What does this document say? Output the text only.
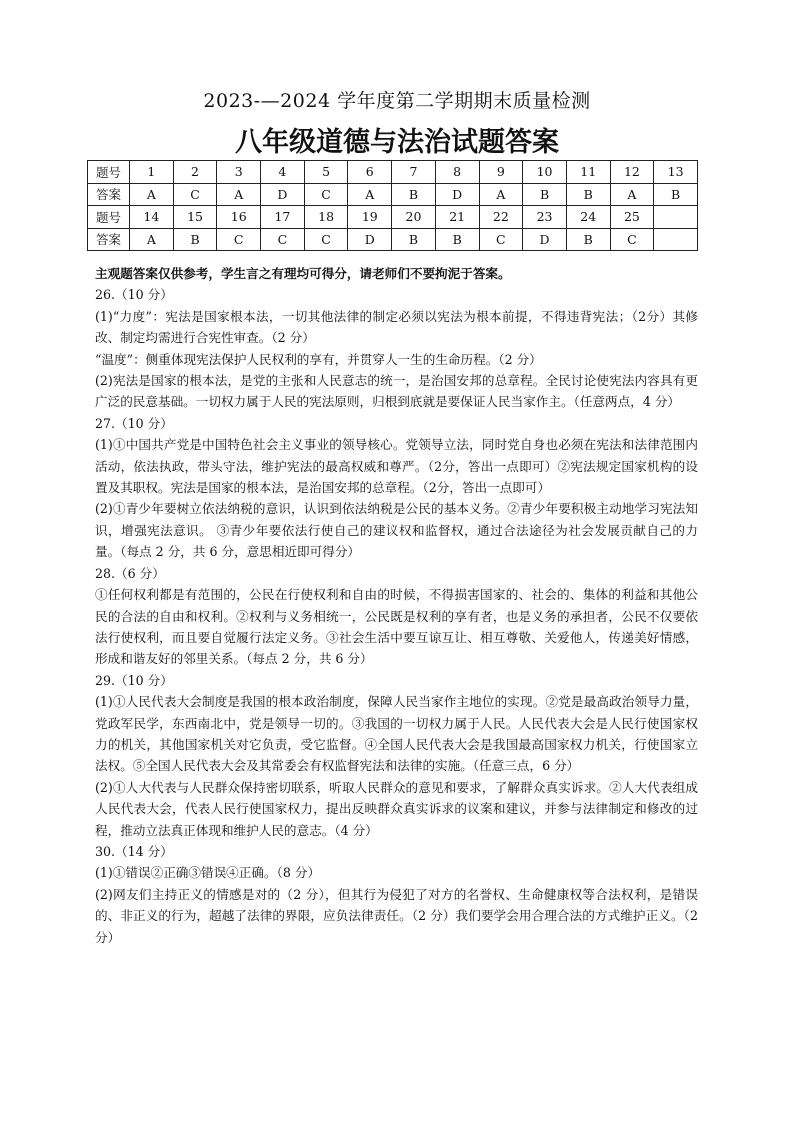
2023-—2024 学年度第二学期期末质量检测
八年级道德与法治试题答案
题号	1	2	3	4	5	6	7	8	9	10	11	12	13
答案	A	C	A	D	C	A	B	D	A	B	B	A	B
题号	14	15	16	17	18	19	20	21	22	23	24	25	
答案	A	B	C	C	C	D	B	B	C	D	B	C	

主观题答案仅供参考，学生言之有理均可得分，请老师们不要拘泥于答案。

26.（10 分）

(1)“力度”：宪法是国家根本法，一切其他法律的制定必须以宪法为根本前提，不得违背宪法；（2分）其修改、制定均需进行合宪性审查。（2 分）

“温度”：侧重体现宪法保护人民权利的享有，并贯穿人一生的生命历程。（2 分）

(2)宪法是国家的根本法，是党的主张和人民意志的统一，是治国安邦的总章程。全民讨论使宪法内容具有更广泛的民意基础。一切权力属于人民的宪法原则，归根到底就是要保证人民当家作主。（任意两点，4 分）

27.（10 分）

(1)①中国共产党是中国特色社会主义事业的领导核心。党领导立法，同时党自身也必须在宪法和法律范围内活动，依法执政，带头守法，维护宪法的最高权威和尊严。（2分，答出一点即可）②宪法规定国家机构的设置及其职权。宪法是国家的根本法，是治国安邦的总章程。（2分，答出一点即可）

(2)①青少年要树立依法纳税的意识，认识到依法纳税是公民的基本义务。②青少年要积极主动地学习宪法知识，增强宪法意识。 ③青少年要依法行使自己的建议权和监督权，通过合法途径为社会发展贡献自己的力量。（每点 2 分，共 6 分，意思相近即可得分）

28.（6 分）

①任何权利都是有范围的，公民在行使权利和自由的时候，不得损害国家的、社会的、集体的利益和其他公民的合法的自由和权利。②权利与义务相统一，公民既是权利的享有者，也是义务的承担者，公民不仅要依法行使权利，而且要自觉履行法定义务。③社会生活中要互谅互让、相互尊敬、关爱他人，传递美好情感，形成和谐友好的邻里关系。（每点 2 分，共 6 分）

29.（10 分）

(1)①人民代表大会制度是我国的根本政治制度，保障人民当家作主地位的实现。②党是最高政治领导力量，党政军民学，东西南北中，党是领导一切的。③我国的一切权力属于人民。人民代表大会是人民行使国家权力的机关，其他国家机关对它负责，受它监督。④全国人民代表大会是我国最高国家权力机关，行使国家立法权。⑤全国人民代表大会及其常委会有权监督宪法和法律的实施。（任意三点，6 分）

(2)①人大代表与人民群众保持密切联系，听取人民群众的意见和要求，了解群众真实诉求。②人大代表组成人民代表大会，代表人民行使国家权力，提出反映群众真实诉求的议案和建议，并参与法律制定和修改的过程，推动立法真正体现和维护人民的意志。（4 分）

30.（14 分）

(1)①错误②正确③错误④正确。（8 分）

(2)网友们主持正义的情感是对的（2 分），但其行为侵犯了对方的名誉权、生命健康权等合法权利，是错误的、非正义的行为，超越了法律的界限，应负法律责任。（2 分）我们要学会用合理合法的方式维护正义。（2 分）
